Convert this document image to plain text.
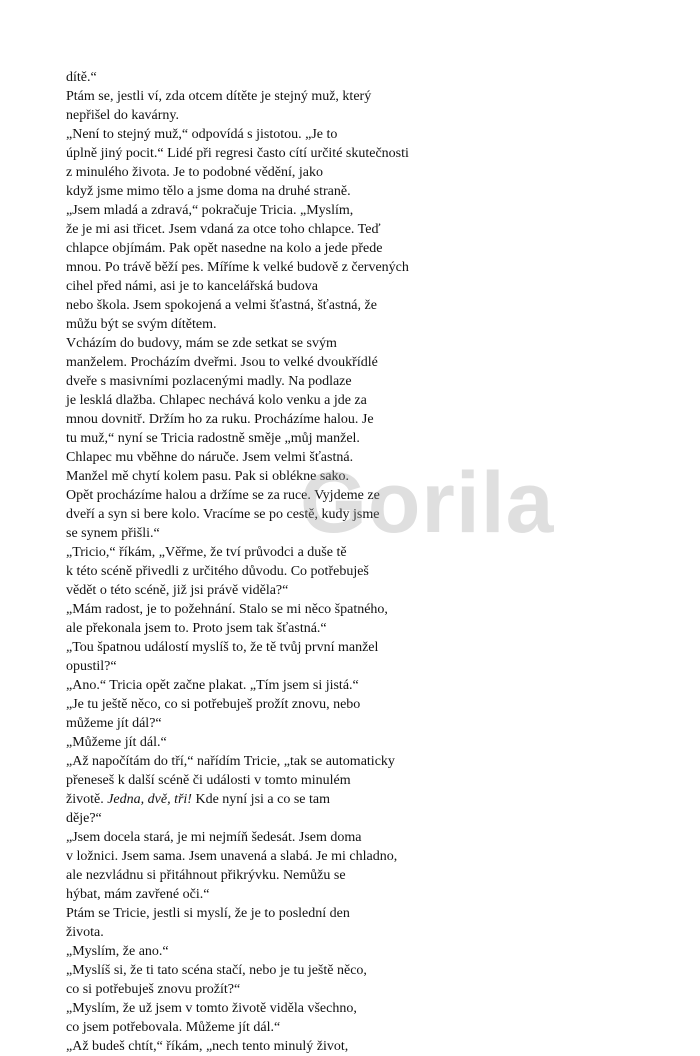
dítě.“
Ptám se, jestli ví, zda otcem dítěte je stejný muž, který
nepřišel do kavárny.
„Není to stejný muž,“ odpovídá s jistotou. „Je to
úplně jiný pocit.“ Lidé při regresi často cítí určité skutečnosti
z minulého života. Je to podobné vědění, jako
když jsme mimo tělo a jsme doma na druhé straně.
„Jsem mladá a zdravá,“ pokračuje Tricia. „Myslím,
že je mi asi třicet. Jsem vdaná za otce toho chlapce. Teď
chlapce objímám. Pak opět nasedne na kolo a jede přede
mnou. Po trávě běží pes. Míříme k velké budově z červených
cihel před námi, asi je to kancelářská budova
nebo škola. Jsem spokojená a velmi šťastná, šťastná, že
můžu být se svým dítětem.
Vcházím do budovy, mám se zde setkat se svým
manželem. Procházím dveřmi. Jsou to velké dvoukřídlé
dveře s masivními pozlacenými madly. Na podlaze
je lesklá dlažba. Chlapec nechává kolo venku a jde za
mnou dovnitř. Držím ho za ruku. Procházíme halou. Je
tu muž,“ nyní se Tricia radostně směje „můj manžel.
Chlapec mu vběhne do náruče. Jsem velmi šťastná.
Manžel mě chytí kolem pasu. Pak si oblékne sako.
Opět procházíme halou a držíme se za ruce. Vyjdeme ze
dveří a syn si bere kolo. Vracíme se po cestě, kudy jsme
se synem přišli.“
„Tricio,“ říkám, „Věřme, že tví průvodci a duše tě
k této scéně přivedli z určitého důvodu. Co potřebuješ
vědět o této scéně, již jsi právě viděla?“
„Mám radost, je to požehnání. Stalo se mi něco špatného,
ale překonala jsem to. Proto jsem tak šťastná.“
„Tou špatnou událostí myslíš to, že tě tvůj první manžel
opustil?“
„Ano.“ Tricia opět začne plakat. „Tím jsem si jistá.“
„Je tu ještě něco, co si potřebuješ prožít znovu, nebo
můžeme jít dál?“
„Můžeme jít dál.“
„Až napočítám do tří,“ nařídím Tricie, „tak se automaticky
přeneseš k další scéně či události v tomto minulém
životě. Jedna, dvě, tři! Kde nyní jsi a co se tam
děje?“
„Jsem docela stará, je mi nejmíň šedesát. Jsem doma
v ložnici. Jsem sama. Jsem unavená a slabá. Je mi chladno,
ale nezvládnu si přitáhnout přikrývku. Nemůžu se
hýbat, mám zavřené oči.“
Ptám se Tricie, jestli si myslí, že je to poslední den
života.
„Myslím, že ano.“
„Myslíš si, že ti tato scéna stačí, nebo je tu ještě něco,
co si potřebuješ znovu prožít?“
„Myslím, že už jsem v tomto životě viděla všechno,
co jsem potřebovala. Můžeme jít dál.“
„Až budeš chtít,“ říkám, „nech tento minulý život,
Gorila
